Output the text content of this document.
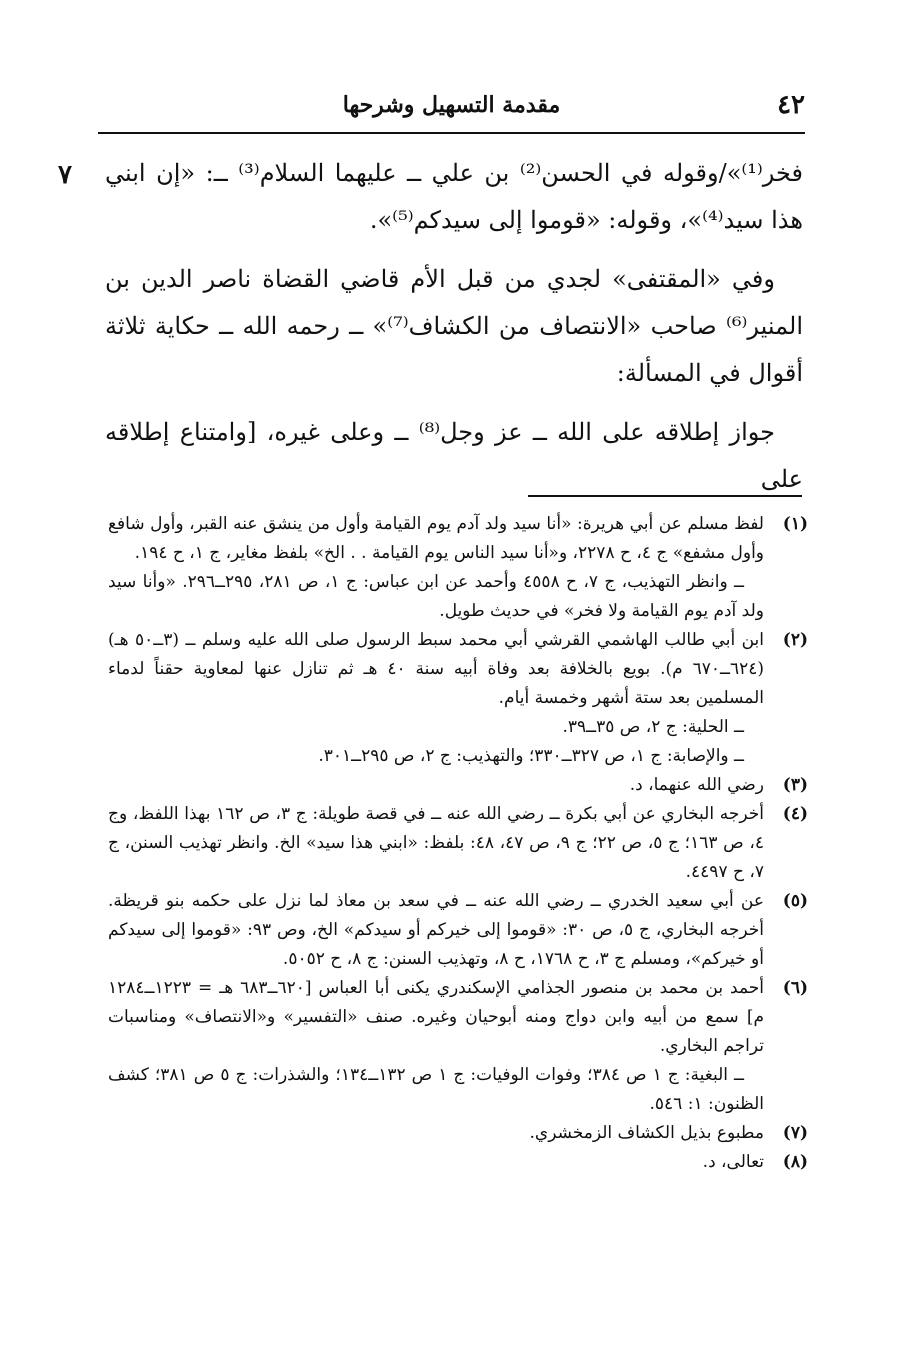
٤٢
مقدمة التسهيل وشرحها
٧ فخر⁽¹⁾»/وقوله في الحسن⁽²⁾ بن علي ــ عليهما السلام⁽³⁾ ــ: «إن ابني هذا سيد⁽⁴⁾»، وقوله: «قوموا إلى سيدكم⁽⁵⁾».

وفي «المقتفى» لجدي من قبل الأم قاضي القضاة ناصر الدين بن المنير⁽⁶⁾ صاحب «الانتصاف من الكشاف⁽⁷⁾» ــ رحمه الله ــ حكاية ثلاثة أقوال في المسألة:

جواز إطلاقه على الله ــ عز وجل⁽⁸⁾ ــ وعلى غيره، [وامتناع إطلاقه على

(١)

لفظ مسلم عن أبي هريرة: «أنا سيد ولد آدم يوم القيامة وأول من ينشق عنه القبر، وأول شافع وأول مشفع» ج ٤، ح ٢٢٧٨، و«أنا سيد الناس يوم القيامة . . الخ» بلفظ مغاير، ج ١، ح ١٩٤.

ــ وانظر التهذيب، ج ٧، ح ٤٥٥٨ وأحمد عن ابن عباس: ج ١، ص ٢٨١، ٢٩٥ــ٢٩٦. «وأنا سيد ولد آدم يوم القيامة ولا فخر» في حديث طويل.

(٢)

ابن أبي طالب الهاشمي القرشي أبي محمد سبط الرسول صلى الله عليه وسلم ــ (٣ــ٥٠ هـ) (٦٢٤ــ٦٧٠ م). بويع بالخلافة بعد وفاة أبيه سنة ٤٠ هـ ثم تنازل عنها لمعاوية حقناً لدماء المسلمين بعد ستة أشهر وخمسة أيام.

ــ الحلية: ج ٢، ص ٣٥ــ٣٩.

ــ والإصابة: ج ١، ص ٣٢٧ــ٣٣٠؛ والتهذيب: ج ٢، ص ٢٩٥ــ٣٠١.

(٣)

رضي الله عنهما، د.

(٤)

أخرجه البخاري عن أبي بكرة ــ رضي الله عنه ــ في قصة طويلة: ج ٣، ص ١٦٢ بهذا اللفظ، وج ٤، ص ١٦٣؛ ج ٥، ص ٢٢؛ ج ٩، ص ٤٧، ٤٨: بلفظ: «ابني هذا سيد» الخ. وانظر تهذيب السنن، ج ٧، ح ٤٤٩٧.

(٥)

عن أبي سعيد الخدري ــ رضي الله عنه ــ في سعد بن معاذ لما نزل على حكمه بنو قريظة. أخرجه البخاري، ج ٥، ص ٣٠: «قوموا إلى خيركم أو سيدكم» الخ، وص ٩٣: «قوموا إلى سيدكم أو خيركم»، ومسلم ج ٣، ح ١٧٦٨، ح ٨، وتهذيب السنن: ج ٨، ح ٥٠٥٢.

(٦)

أحمد بن محمد بن منصور الجذامي الإسكندري يكنى أبا العباس [٦٢٠ــ٦٨٣ هـ = ١٢٢٣ــ١٢٨٤ م] سمع من أبيه وابن دواج ومنه أبوحيان وغيره. صنف «التفسير» و«الانتصاف» ومناسبات تراجم البخاري.

ــ البغية: ج ١ ص ٣٨٤؛ وفوات الوفيات: ج ١ ص ١٣٢ــ١٣٤؛ والشذرات: ج ٥ ص ٣٨١؛ كشف الظنون: ١: ٥٤٦.

(٧)

مطبوع بذيل الكشاف الزمخشري.

(٨)

تعالى، د.
